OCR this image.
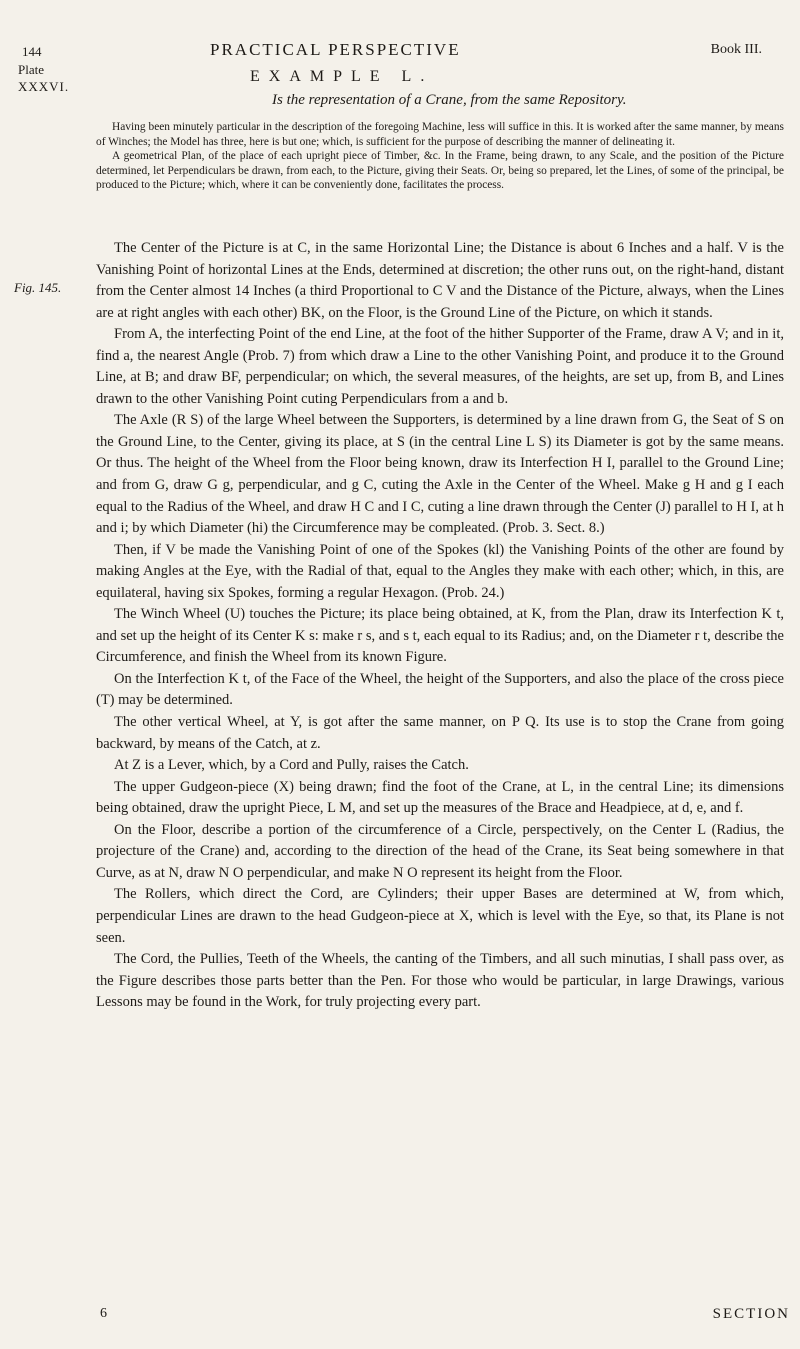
144	PRACTICAL PERSPECTIVE	Book III.
Plate
XXXVI.
Fig. 145.
EXAMPLE L.
Is the representation of a Crane, from the same Repository.

Having been minutely particular in the description of the foregoing Machine, less will suffice in this. It is worked after the same manner, by means of Winches; the Model has three, here is but one; which, is sufficient for the purpose of describing the manner of delineating it.

A geometrical Plan, of the place of each upright piece of Timber, &c. In the Frame, being drawn, to any Scale, and the position of the Picture determined, let Perpendiculars be drawn, from each, to the Picture, giving their Seats. Or, being so prepared, let the Lines, of some of the principal, be produced to the Picture; which, where it can be conveniently done, facilitates the process.

The Center of the Picture is at C, in the same Horizontal Line; the Distance is about 6 Inches and a half. V is the Vanishing Point of horizontal Lines at the Ends, determined at discretion; the other runs out, on the right-hand, distant from the Center almost 14 Inches (a third Proportional to C V and the Distance of the Picture, always, when the Lines are at right angles with each other) BK, on the Floor, is the Ground Line of the Picture, on which it stands.

From A, the interfecting Point of the end Line, at the foot of the hither Supporter of the Frame, draw A V; and in it, find a, the nearest Angle (Prob. 7) from which draw a Line to the other Vanishing Point, and produce it to the Ground Line, at B; and draw BF, perpendicular; on which, the several measures, of the heights, are set up, from B, and Lines drawn to the other Vanishing Point cuting Perpendiculars from a and b.

The Axle (R S) of the large Wheel between the Supporters, is determined by a line drawn from G, the Seat of S on the Ground Line, to the Center, giving its place, at S (in the central Line L S) its Diameter is got by the same means. Or thus. The height of the Wheel from the Floor being known, draw its Interfection H I, parallel to the Ground Line; and from G, draw G g, perpendicular, and g C, cuting the Axle in the Center of the Wheel. Make g H and g I each equal to the Radius of the Wheel, and draw H C and I C, cuting a line drawn through the Center (J) parallel to H I, at h and i; by which Diameter (hi) the Circumference may be compleated. (Prob. 3. Sect. 8.)

Then, if V be made the Vanishing Point of one of the Spokes (kl) the Vanishing Points of the other are found by making Angles at the Eye, with the Radial of that, equal to the Angles they make with each other; which, in this, are equilateral, having six Spokes, forming a regular Hexagon. (Prob. 24.)

The Winch Wheel (U) touches the Picture; its place being obtained, at K, from the Plan, draw its Interfection K t, and set up the height of its Center K s: make r s, and s t, each equal to its Radius; and, on the Diameter r t, describe the Circumference, and finish the Wheel from its known Figure.

On the Interfection K t, of the Face of the Wheel, the height of the Supporters, and also the place of the cross piece (T) may be determined.

The other vertical Wheel, at Y, is got after the same manner, on P Q. Its use is to stop the Crane from going backward, by means of the Catch, at z.

At Z is a Lever, which, by a Cord and Pully, raises the Catch.

The upper Gudgeon-piece (X) being drawn; find the foot of the Crane, at L, in the central Line; its dimensions being obtained, draw the upright Piece, L M, and set up the measures of the Brace and Headpiece, at d, e, and f.

On the Floor, describe a portion of the circumference of a Circle, perspectively, on the Center L (Radius, the projecture of the Crane) and, according to the direction of the head of the Crane, its Seat being somewhere in that Curve, as at N, draw N O perpendicular, and make N O represent its height from the Floor.

The Rollers, which direct the Cord, are Cylinders; their upper Bases are determined at W, from which, perpendicular Lines are drawn to the head Gudgeon-piece at X, which is level with the Eye, so that, its Plane is not seen.

The Cord, the Pullies, Teeth of the Wheels, the canting of the Timbers, and all such minutias, I shall pass over, as the Figure describes those parts better than the Pen. For those who would be particular, in large Drawings, various Lessons may be found in the Work, for truly projecting every part.

6	SECTION
